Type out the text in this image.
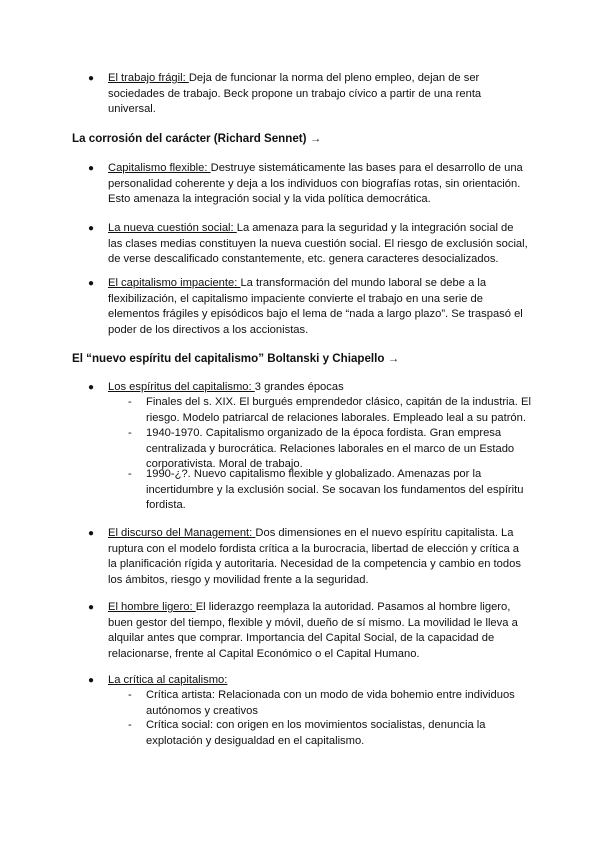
● El trabajo frágil: Deja de funcionar la norma del pleno empleo, dejan de ser sociedades de trabajo. Beck propone un trabajo cívico a partir de una renta universal.
La corrosión del carácter (Richard Sennet) →
● Capitalismo flexible: Destruye sistemáticamente las bases para el desarrollo de una personalidad coherente y deja a los individuos con biografías rotas, sin orientación. Esto amenaza la integración social y la vida política democrática.
● La nueva cuestión social: La amenaza para la seguridad y la integración social de las clases medias constituyen la nueva cuestión social. El riesgo de exclusión social, de verse descalificado constantemente, etc. genera caracteres desocializados.
● El capitalismo impaciente: La transformación del mundo laboral se debe a la flexibilización, el capitalismo impaciente convierte el trabajo en una serie de elementos frágiles y episódicos bajo el lema de “nada a largo plazo”. Se traspasó el poder de los directivos a los accionistas.
El “nuevo espíritu del capitalismo” Boltanski y Chiapello →
● Los espíritus del capitalismo: 3 grandes épocas
- Finales del s. XIX. El burgués emprendedor clásico, capitán de la industria. El riesgo. Modelo patriarcal de relaciones laborales. Empleado leal a su patrón.
- 1940-1970. Capitalismo organizado de la época fordista. Gran empresa centralizada y burocrática. Relaciones laborales en el marco de un Estado corporativista. Moral de trabajo.
- 1990-¿?. Nuevo capitalismo flexible y globalizado. Amenazas por la incertidumbre y la exclusión social. Se socavan los fundamentos del espíritu fordista.
● El discurso del Management: Dos dimensiones en el nuevo espíritu capitalista. La ruptura con el modelo fordista crítica a la burocracia, libertad de elección y crítica a la planificación rígida y autoritaria. Necesidad de la competencia y cambio en todos los ámbitos, riesgo y movilidad frente a la seguridad.
● El hombre ligero: El liderazgo reemplaza la autoridad. Pasamos al hombre ligero, buen gestor del tiempo, flexible y móvil, dueño de sí mismo. La movilidad le lleva a alquilar antes que comprar. Importancia del Capital Social, de la capacidad de relacionarse, frente al Capital Económico o el Capital Humano.
● La crítica al capitalismo:
- Crítica artista: Relacionada con un modo de vida bohemio entre individuos autónomos y creativos
- Crítica social: con origen en los movimientos socialistas, denuncia la explotación y desigualdad en el capitalismo.
